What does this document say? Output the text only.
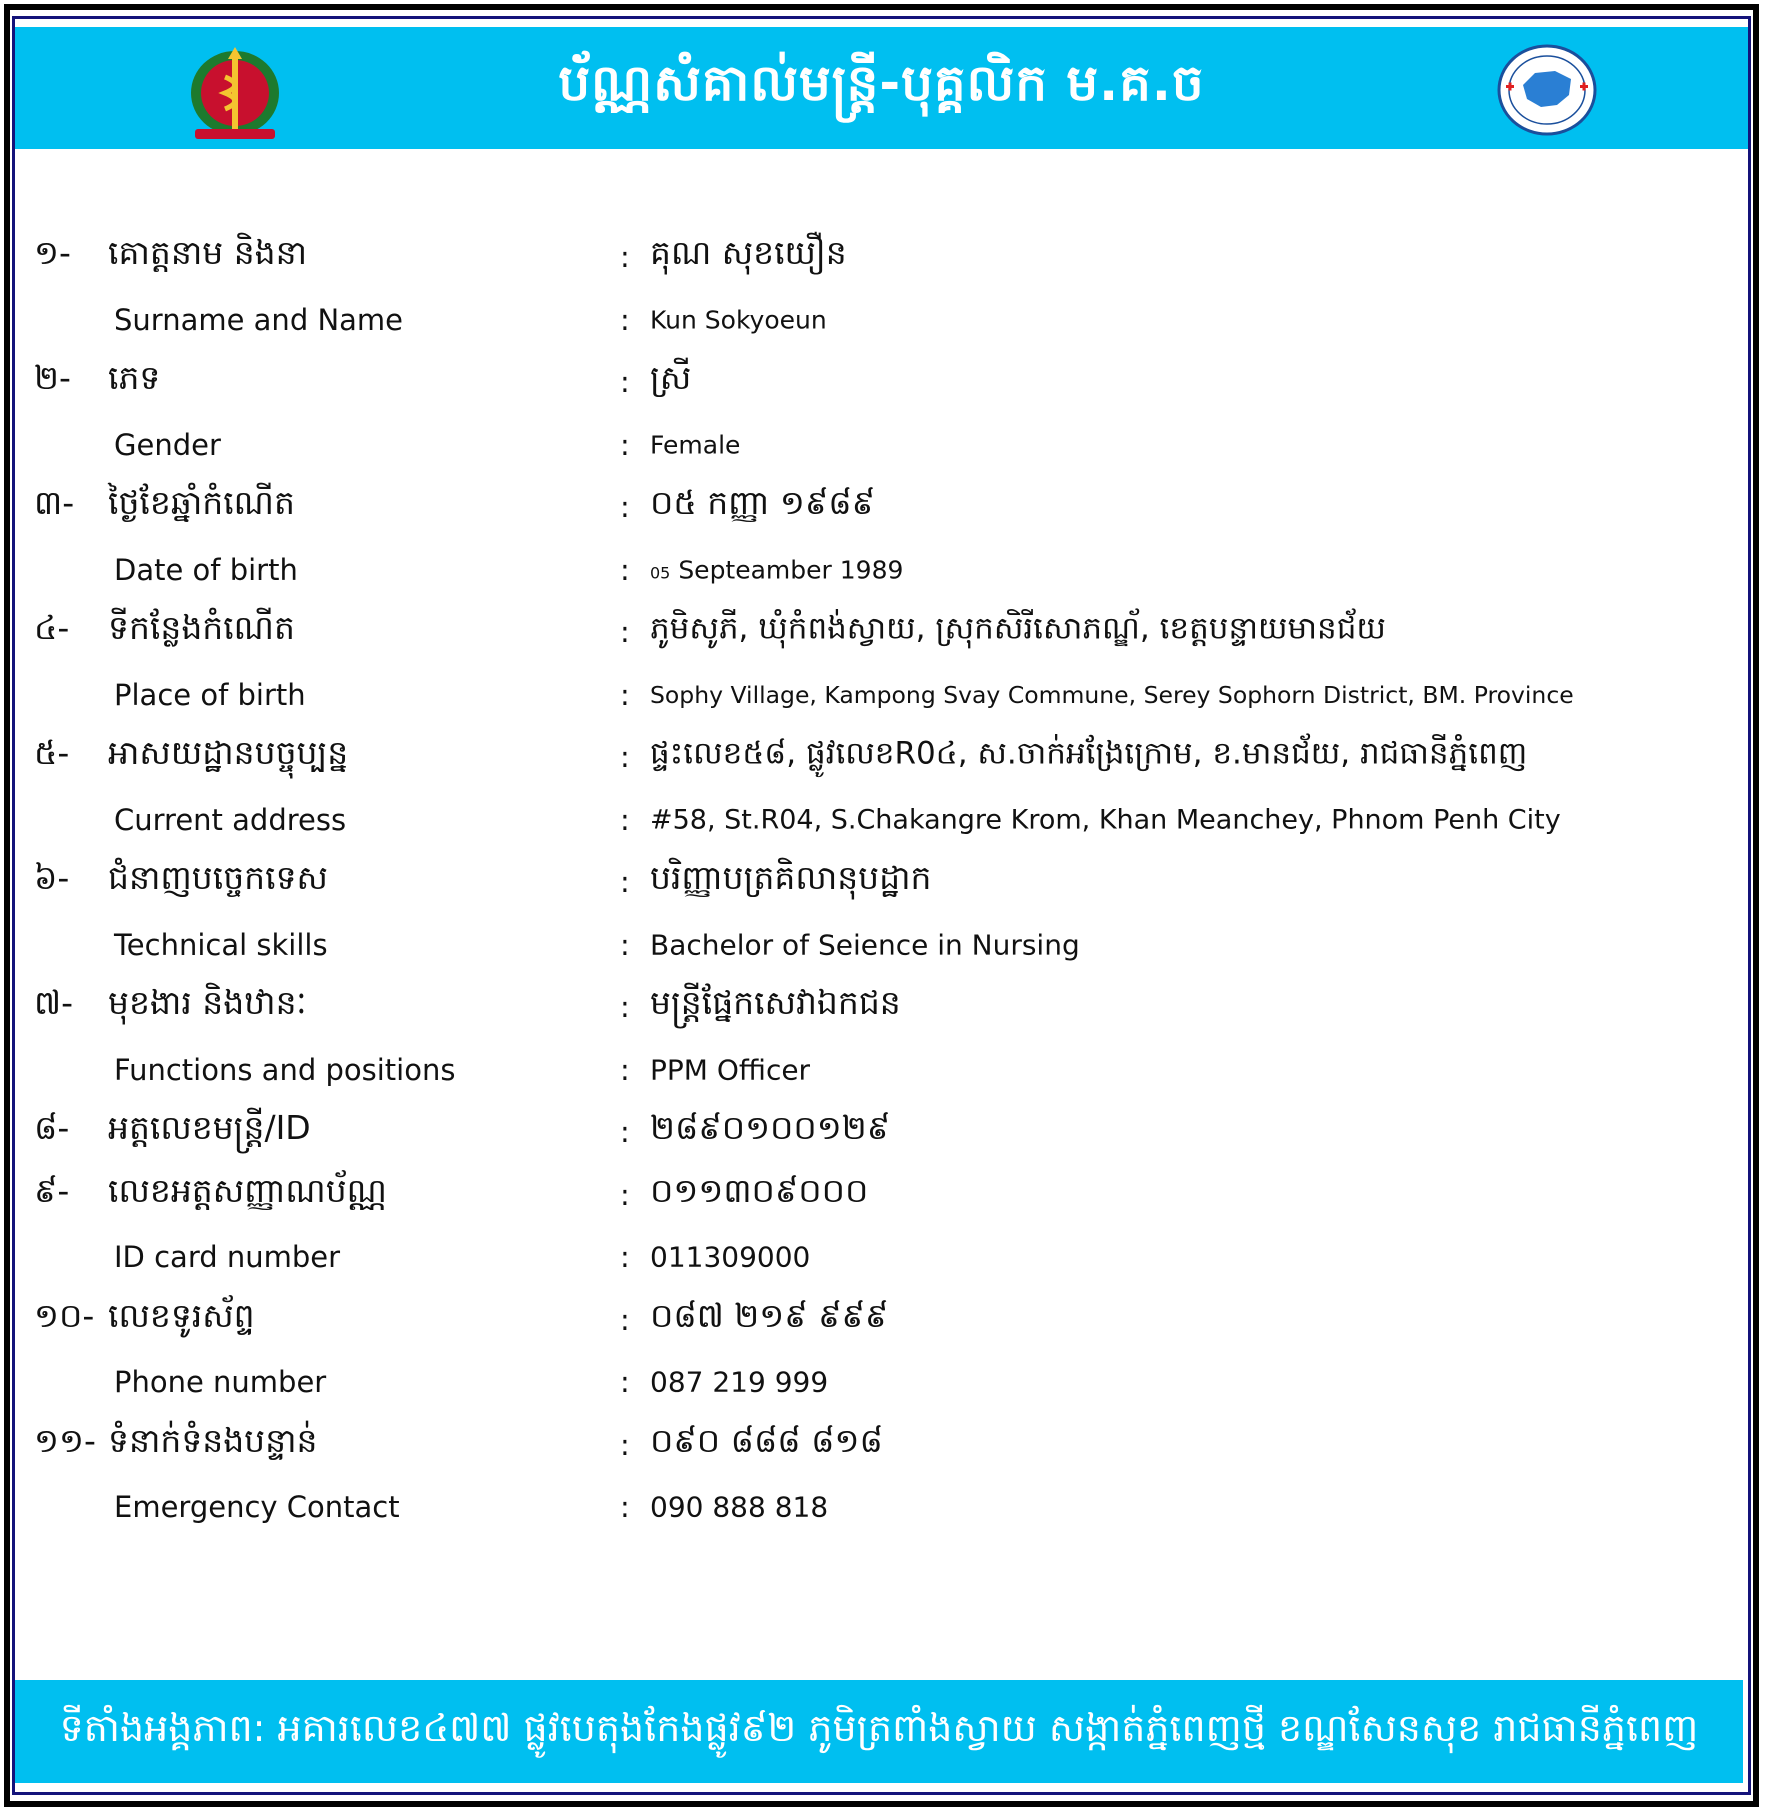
ប័ណ្ណសំគាល់មន្ត្រី-បុគ្គលិក ម.គ.ច
១- គោត្តនាម និងនា	: គុណ សុខយឿន
Surname and Name	: Kun Sokyoeun
២- ភេទ	: ស្រី
Gender	: Female
៣- ថ្ងៃខែឆ្នាំកំណើត	: ០៥ កញ្ញា ១៩៨៩
Date of birth	: 05 Septeamber 1989
៤- ទីកន្លែងកំណើត	: ភូមិសូភី, ឃុំកំពង់ស្វាយ, ស្រុកសិរីសោភណ្ឌ័, ខេត្តបន្ទាយមានជ័យ
Place of birth	: Sophy Village, Kampong Svay Commune, Serey Sophorn District, BM. Province
៥- អាសយដ្ឋានបច្ចុប្បន្ន	: ផ្ទះលេខ៥៨, ផ្លូវលេខR0៤, ស.ចាក់អង្រែក្រោម, ខ.មានជ័យ, រាជធានីភ្នំពេញ
Current address	: #58, St.R04, S.Chakangre Krom, Khan Meanchey, Phnom Penh City
៦- ជំនាញបច្ចេកទេស	: បរិញ្ញាបត្រគិលានុបដ្ឋាក
Technical skills	: Bachelor of Seience in Nursing
៧- មុខងារ និងឋានៈ	: មន្ត្រីផ្នែកសេវាឯកជន
Functions and positions	: PPM Officer
៨- អត្តលេខមន្ត្រី/ID	: ២៨៩០១០០១២៩
៩- លេខអត្តសញ្ញាណប័ណ្ណ	: ០១១៣០៩០០០
ID card number	: 011309000
១០- លេខទូរស័ព្ទ	: ០៨៧ ២១៩ ៩៩៩
Phone number	: 087 219 999
១១- ទំនាក់ទំនងបន្ទាន់	: ០៩០ ៨៨៨ ៨១៨
Emergency Contact	: 090 888 818
ទីតាំងអង្គភាព: អគារលេខ៤៧៧ ផ្លូវបេតុងកែងផ្លូវ៩២ ភូមិត្រពាំងស្វាយ សង្កាត់ភ្នំពេញថ្មី ខណ្ឌសែនសុខ រាជធានីភ្នំពេញ
